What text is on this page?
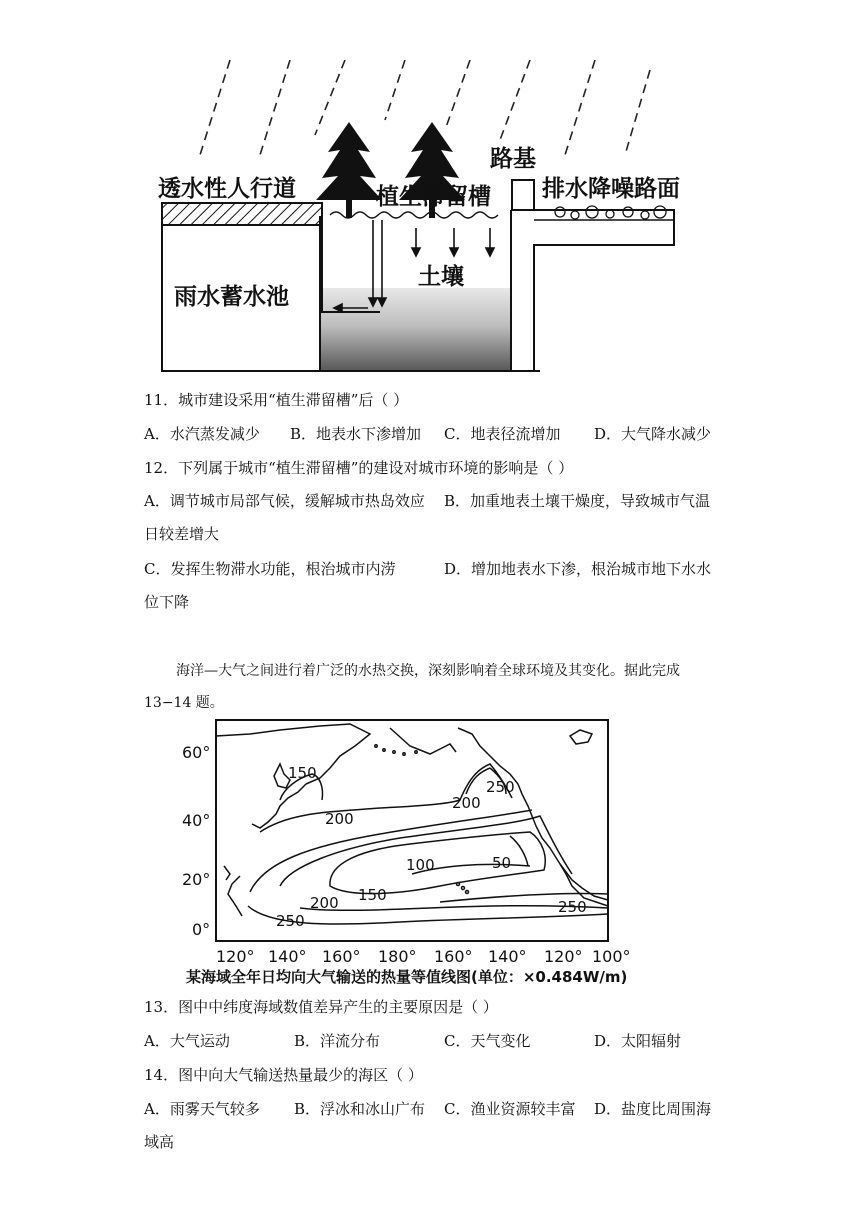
透水性人行道	植生滞留槽
路基
排水降噪路面
土壤
雨水蓄水池
11．城市建设采用“植生滞留槽”后（ ）
A．水汽蒸发减少 B．地表水下渗增加 C．地表径流增加 D．大气降水减少
12．下列属于城市“植生滞留槽”的建设对城市环境的影响是（ ）
A．调节城市局部气候，缓解城市热岛效应 B．加重地表土壤干燥度，导致城市气温
日较差增大
C．发挥生物滞水功能，根治城市内涝	D．增加地表水下渗，根治城市地下水水
位下降
海洋—大气之间进行着广泛的水热交换，深刻影响着全球环境及其变化。据此完成
13−14 题。
60°
40°
20°
0°
150
200
250
200
100	50
150
200
250
250
120° 140° 160° 180° 160° 140° 120° 100°
某海域全年日均向大气输送的热量等值线图(单位：×0.484W/m)
13．图中中纬度海域数值差异产生的主要原因是（ ）
A．大气运动	B．洋流分布	C．天气变化	D．太阳辐射
14．图中向大气输送热量最少的海区（ ）
A．雨雾天气较多 B．浮冰和冰山广布 C．渔业资源较丰富 D．盐度比周围海
域高
